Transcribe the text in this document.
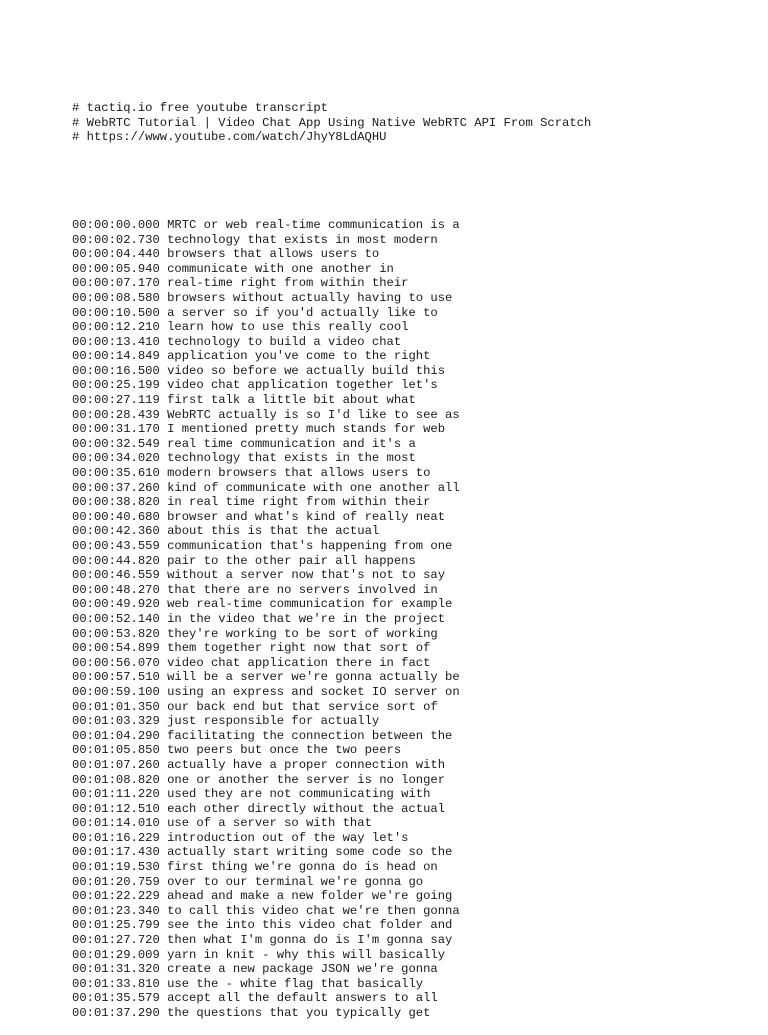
# tactiq.io free youtube transcript
# WebRTC Tutorial | Video Chat App Using Native WebRTC API From Scratch
# https://www.youtube.com/watch/JhyY8LdAQHU

00:00:00.000 MRTC or web real-time communication is a
00:00:02.730 technology that exists in most modern
00:00:04.440 browsers that allows users to
00:00:05.940 communicate with one another in
00:00:07.170 real-time right from within their
00:00:08.580 browsers without actually having to use
00:00:10.500 a server so if you'd actually like to
00:00:12.210 learn how to use this really cool
00:00:13.410 technology to build a video chat
00:00:14.849 application you've come to the right
00:00:16.500 video so before we actually build this
00:00:25.199 video chat application together let's
00:00:27.119 first talk a little bit about what
00:00:28.439 WebRTC actually is so I'd like to see as
00:00:31.170 I mentioned pretty much stands for web
00:00:32.549 real time communication and it's a
00:00:34.020 technology that exists in the most
00:00:35.610 modern browsers that allows users to
00:00:37.260 kind of communicate with one another all
00:00:38.820 in real time right from within their
00:00:40.680 browser and what's kind of really neat
00:00:42.360 about this is that the actual
00:00:43.559 communication that's happening from one
00:00:44.820 pair to the other pair all happens
00:00:46.559 without a server now that's not to say
00:00:48.270 that there are no servers involved in
00:00:49.920 web real-time communication for example
00:00:52.140 in the video that we're in the project
00:00:53.820 they're working to be sort of working
00:00:54.899 them together right now that sort of
00:00:56.070 video chat application there in fact
00:00:57.510 will be a server we're gonna actually be
00:00:59.100 using an express and socket IO server on
00:01:01.350 our back end but that service sort of
00:01:03.329 just responsible for actually
00:01:04.290 facilitating the connection between the
00:01:05.850 two peers but once the two peers
00:01:07.260 actually have a proper connection with
00:01:08.820 one or another the server is no longer
00:01:11.220 used they are not communicating with
00:01:12.510 each other directly without the actual
00:01:14.010 use of a server so with that
00:01:16.229 introduction out of the way let's
00:01:17.430 actually start writing some code so the
00:01:19.530 first thing we're gonna do is head on
00:01:20.759 over to our terminal we're gonna go
00:01:22.229 ahead and make a new folder we're going
00:01:23.340 to call this video chat we're then gonna
00:01:25.799 see the into this video chat folder and
00:01:27.720 then what I'm gonna do is I'm gonna say
00:01:29.009 yarn in knit - why this will basically
00:01:31.320 create a new package JSON we're gonna
00:01:33.810 use the - white flag that basically
00:01:35.579 accept all the default answers to all
00:01:37.290 the questions that you typically get
